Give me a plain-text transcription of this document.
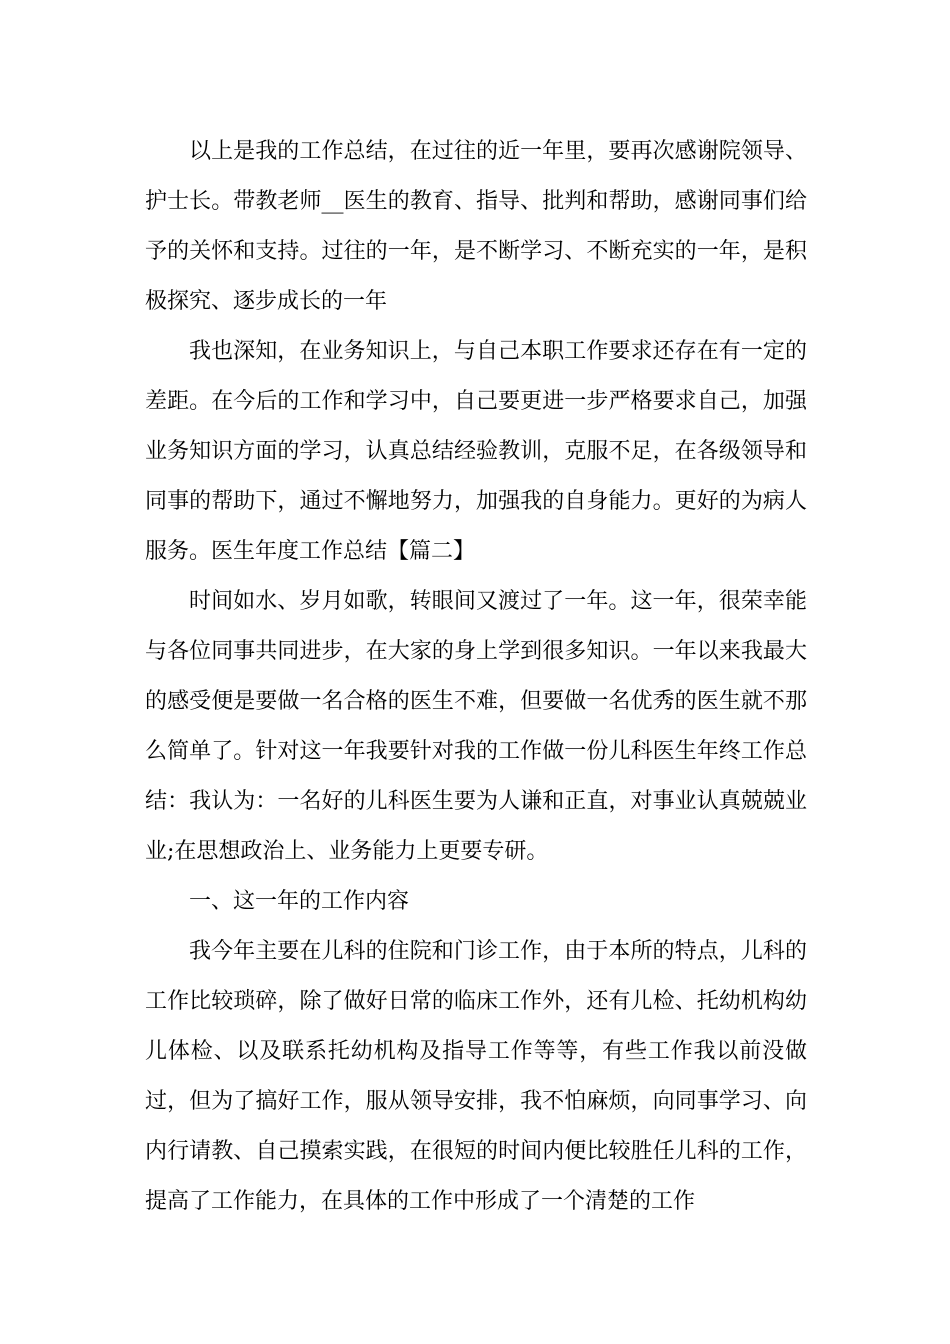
以上是我的工作总结，在过往的近一年里，要再次感谢院领导、护士长。带教老师__医生的教育、指导、批判和帮助，感谢同事们给予的关怀和支持。过往的一年，是不断学习、不断充实的一年，是积极探究、逐步成长的一年

我也深知，在业务知识上，与自己本职工作要求还存在有一定的差距。在今后的工作和学习中，自己要更进一步严格要求自己，加强业务知识方面的学习，认真总结经验教训，克服不足，在各级领导和同事的帮助下，通过不懈地努力，加强我的自身能力。更好的为病人服务。医生年度工作总结【篇二】

时间如水、岁月如歌，转眼间又渡过了一年。这一年，很荣幸能与各位同事共同进步，在大家的身上学到很多知识。一年以来我最大的感受便是要做一名合格的医生不难，但要做一名优秀的医生就不那么简单了。针对这一年我要针对我的工作做一份儿科医生年终工作总结：我认为：一名好的儿科医生要为人谦和正直，对事业认真兢兢业业;在思想政治上、业务能力上更要专研。

一、这一年的工作内容

我今年主要在儿科的住院和门诊工作，由于本所的特点，儿科的工作比较琐碎，除了做好日常的临床工作外，还有儿检、托幼机构幼儿体检、以及联系托幼机构及指导工作等等，有些工作我以前没做过，但为了搞好工作，服从领导安排，我不怕麻烦，向同事学习、向内行请教、自己摸索实践，在很短的时间内便比较胜任儿科的工作，提高了工作能力，在具体的工作中形成了一个清楚的工作
